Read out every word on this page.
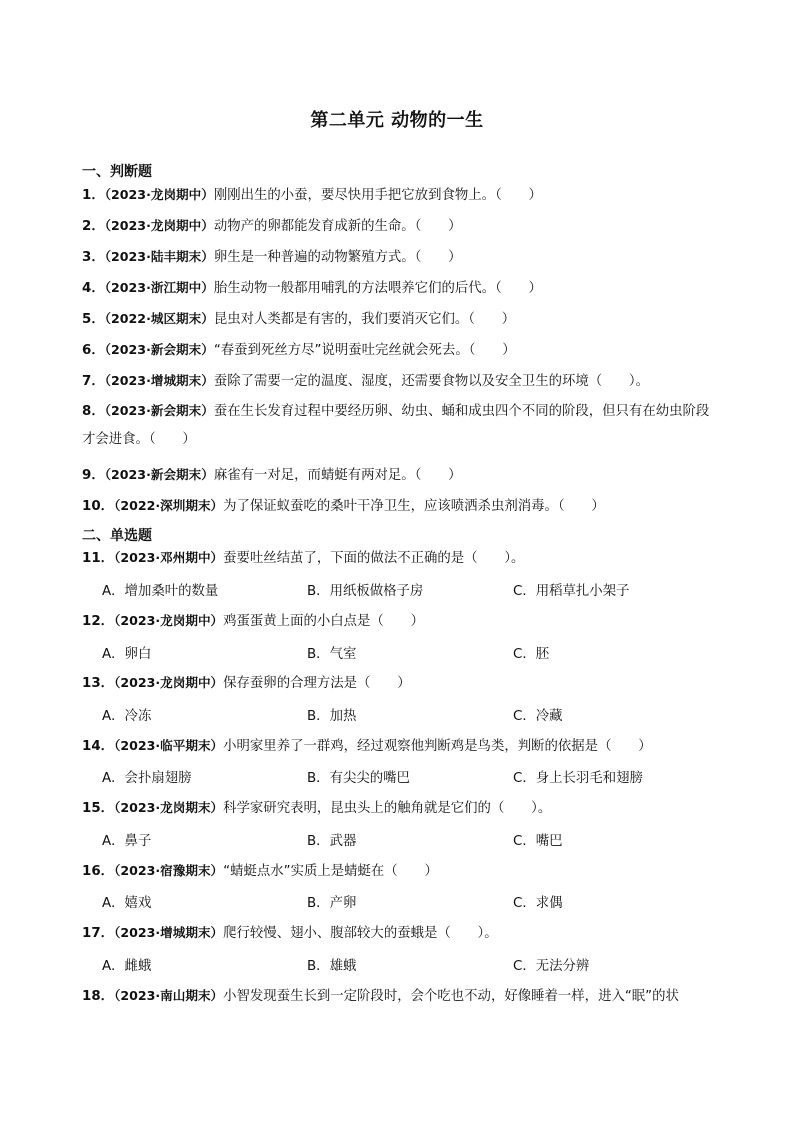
第二单元 动物的一生
一、判断题
1．（2023·龙岗期中）刚刚出生的小蚕，要尽快用手把它放到食物上。（　　）
2．（2023·龙岗期中）动物产的卵都能发育成新的生命。（　　）
3．（2023·陆丰期末）卵生是一种普遍的动物繁殖方式。（　　）
4．（2023·浙江期中）胎生动物一般都用哺乳的方法喂养它们的后代。（　　）
5．（2022·城区期末）昆虫对人类都是有害的，我们要消灭它们。（　　）
6．（2023·新会期末）“春蚕到死丝方尽”说明蚕吐完丝就会死去。（　　）
7．（2023·增城期末）蚕除了需要一定的温度、湿度，还需要食物以及安全卫生的环境（　　）。
8．（2023·新会期末）蚕在生长发育过程中要经历卵、幼虫、蛹和成虫四个不同的阶段，但只有在幼虫阶段才会进食。（　　）
9．（2023·新会期末）麻雀有一对足，而蜻蜓有两对足。（　　）
10．（2022·深圳期末）为了保证蚁蚕吃的桑叶干净卫生，应该喷洒杀虫剂消毒。（　　）
二、单选题
11．（2023·邓州期中）蚕要吐丝结茧了，下面的做法不正确的是（　　）。
A．增加桑叶的数量	B．用纸板做格子房	C．用稻草扎小架子
12．（2023·龙岗期中）鸡蛋蛋黄上面的小白点是（　　）
A．卵白	B．气室	C．胚
13．（2023·龙岗期中）保存蚕卵的合理方法是（　　）
A．冷冻	B．加热	C．冷藏
14．（2023·临平期末）小明家里养了一群鸡，经过观察他判断鸡是鸟类，判断的依据是（　　）
A．会扑扇翅膀	B．有尖尖的嘴巴	C．身上长羽毛和翅膀
15．（2023·龙岗期末）科学家研究表明，昆虫头上的触角就是它们的（　　）。
A．鼻子	B．武器	C．嘴巴
16．（2023·宿豫期末）“蜻蜓点水”实质上是蜻蜓在（　　）
A．嬉戏	B．产卵	C．求偶
17．（2023·增城期末）爬行较慢、翅小、腹部较大的蚕蛾是（　　）。
A．雌蛾	B．雄蛾	C．无法分辨
18．（2023·南山期末）小智发现蚕生长到一定阶段时，会个吃也不动，好像睡着一样，进入“眠”的状
